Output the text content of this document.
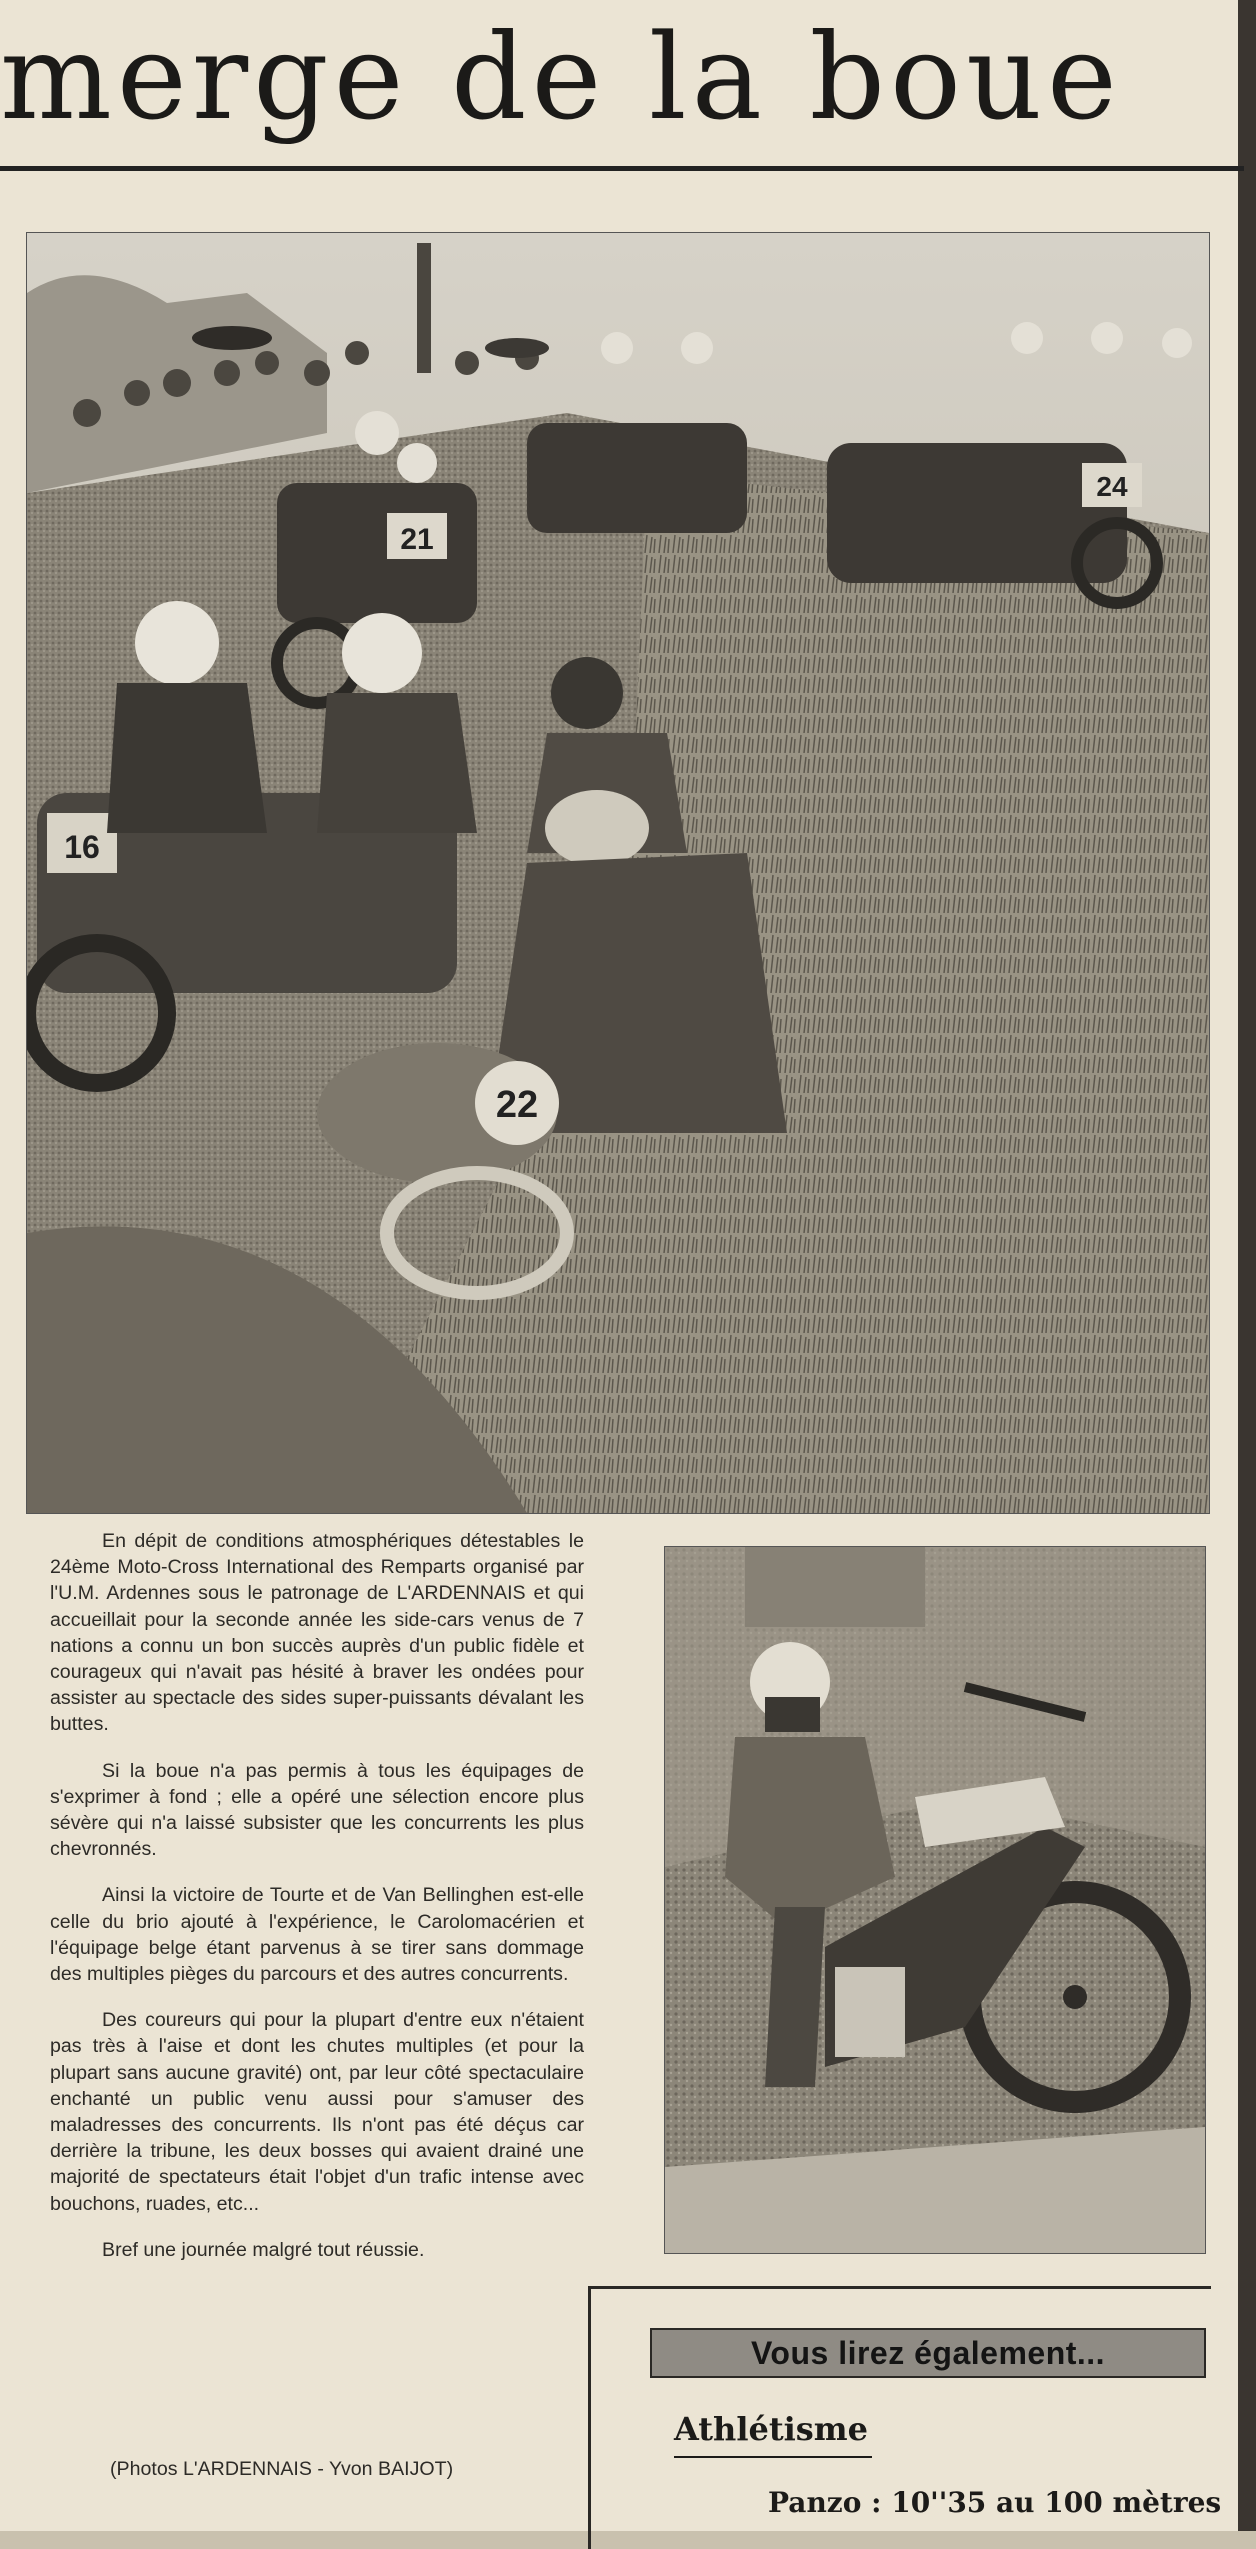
merge de la boue
21
24
16
22

En dépit de conditions atmosphériques détestables le 24ème Moto-Cross International des Remparts organisé par l'U.M. Ardennes sous le patronage de L'ARDENNAIS et qui accueillait pour la seconde année les side-cars venus de 7 nations a connu un bon succès auprès d'un public fidèle et courageux qui n'avait pas hésité à braver les ondées pour assister au spectacle des sides super-puissants dévalant les buttes.

Si la boue n'a pas permis à tous les équipages de s'exprimer à fond ; elle a opéré une sélection encore plus sévère qui n'a laissé subsister que les concurrents les plus chevronnés.

Ainsi la victoire de Tourte et de Van Bellinghen est-elle celle du brio ajouté à l'expérience, le Carolomacérien et l'équipage belge étant parvenus à se tirer sans dommage des multiples pièges du parcours et des autres concurrents.

Des coureurs qui pour la plupart d'entre eux n'étaient pas très à l'aise et dont les chutes multiples (et pour la plupart sans aucune gravité) ont, par leur côté spectaculaire enchanté un public venu aussi pour s'amuser des maladresses des concurrents. Ils n'ont pas été déçus car derrière la tribune, les deux bosses qui avaient drainé une majorité de spectateurs était l'objet d'un trafic intense avec bouchons, ruades, etc...

Bref une journée malgré tout réussie.

(Photos L'ARDENNAIS - Yvon BAIJOT)
Vous lirez également...
Athlétisme
Panzo : 10''35 au 100 mètres
